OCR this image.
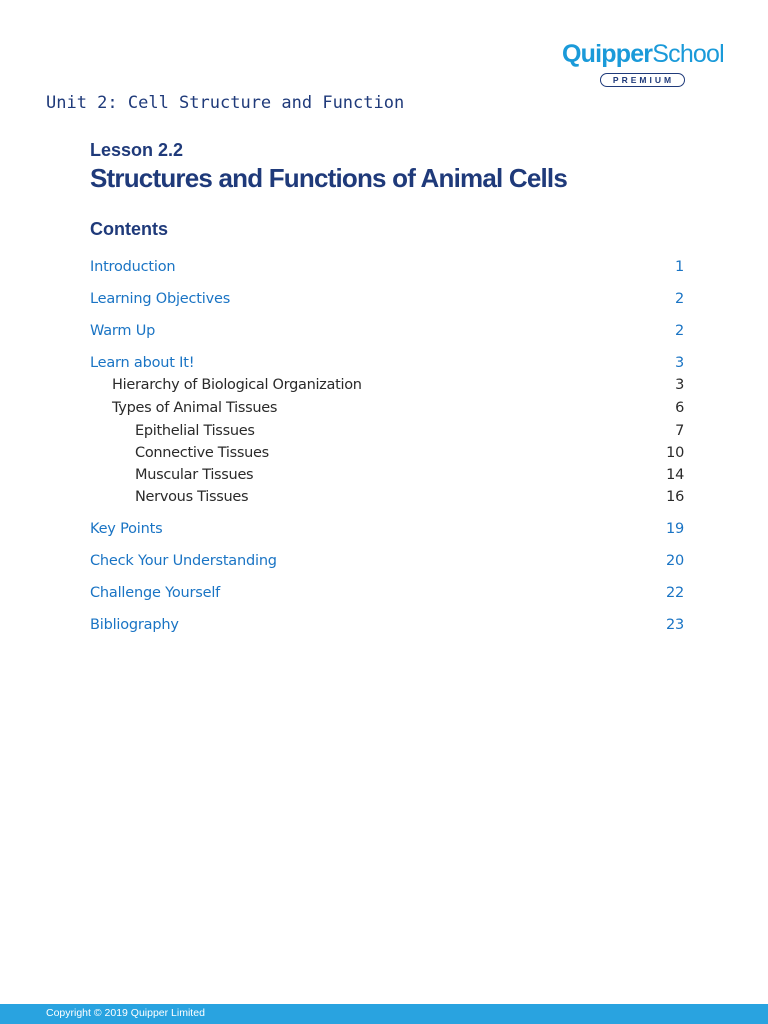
QuipperSchool
PREMIUM
Unit 2: Cell Structure and Function
Lesson 2.2
Structures and Functions of Animal Cells
Contents
Introduction	1
Learning Objectives	2
Warm Up	2
Learn about It!	3
Hierarchy of Biological Organization	3
Types of Animal Tissues	6
Epithelial Tissues	7
Connective Tissues	10
Muscular Tissues	14
Nervous Tissues	16
Key Points	19
Check Your Understanding	20
Challenge Yourself	22
Bibliography	23
Copyright © 2019 Quipper Limited
